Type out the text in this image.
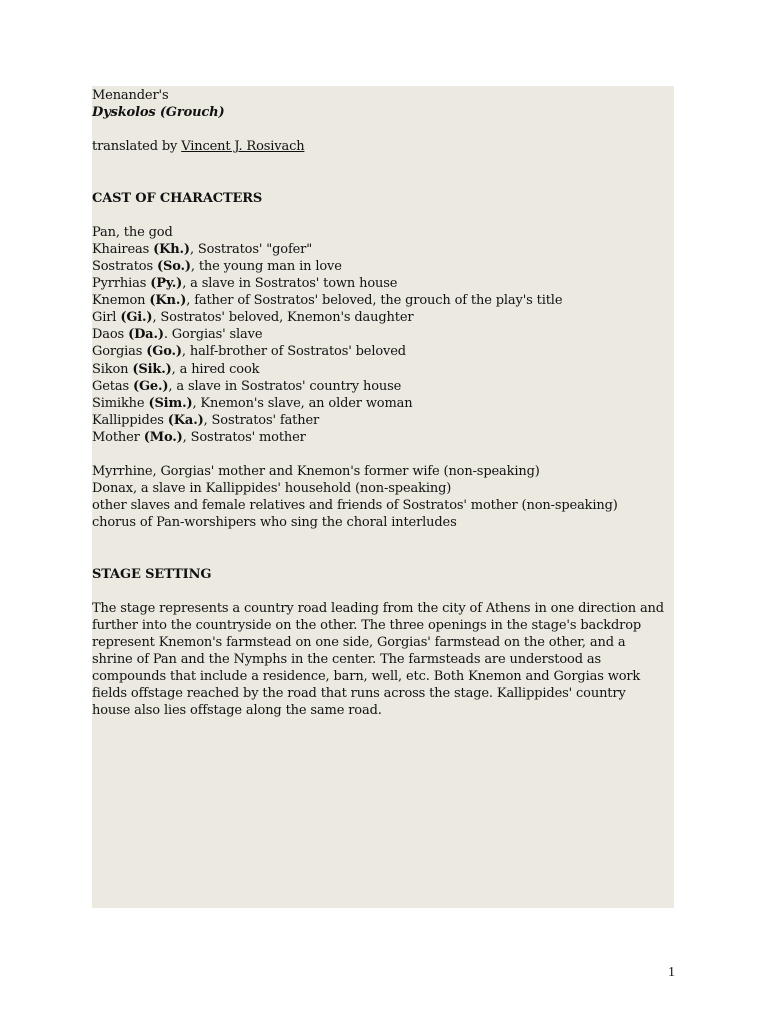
Menander's
Dyskolos (Grouch)
translated by Vincent J. Rosivach
CAST OF CHARACTERS
Pan, the god
Khaireas (Kh.), Sostratos' "gofer"
Sostratos (So.), the young man in love
Pyrrhias (Py.), a slave in Sostratos' town house
Knemon (Kn.), father of Sostratos' beloved, the grouch of the play's title
Girl (Gi.), Sostratos' beloved, Knemon's daughter
Daos (Da.). Gorgias' slave
Gorgias (Go.), half-brother of Sostratos' beloved
Sikon (Sik.), a hired cook
Getas (Ge.), a slave in Sostratos' country house
Simikhe (Sim.), Knemon's slave, an older woman
Kallippides (Ka.), Sostratos' father
Mother (Mo.), Sostratos' mother
Myrrhine, Gorgias' mother and Knemon's former wife (non-speaking)
Donax, a slave in Kallippides' household (non-speaking)
other slaves and female relatives and friends of Sostratos' mother (non-speaking)
chorus of Pan-worshipers who sing the choral interludes
STAGE SETTING
The stage represents a country road leading from the city of Athens in one direction and
further into the countryside on the other. The three openings in the stage's backdrop
represent Knemon's farmstead on one side, Gorgias' farmstead on the other, and a
shrine of Pan and the Nymphs in the center. The farmsteads are understood as
compounds that include a residence, barn, well, etc. Both Knemon and Gorgias work
fields offstage reached by the road that runs across the stage. Kallippides' country
house also lies offstage along the same road.
1
